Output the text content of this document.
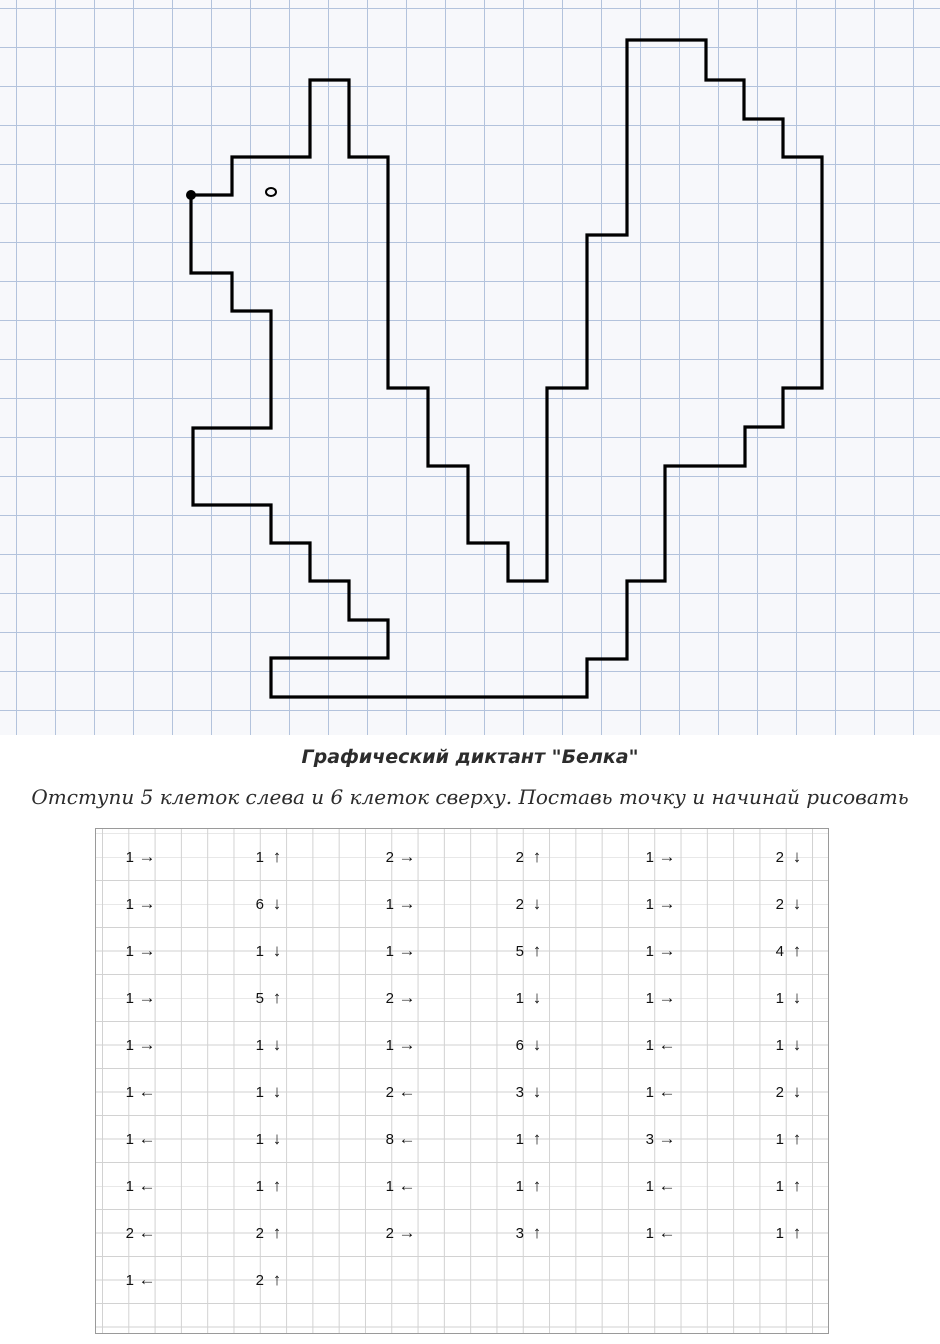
Графический диктант "Белка"
Отступи 5 клеток слева и 6 клеток сверху. Поставь точку и начинай рисовать
1 →
1 →
1 →
1 →
1 →
1 ←
1 ←
1 ←
2 ←
1 ←
1 ↑
6 ↓
1 ↓
5 ↑
1 ↓
1 ↓
1 ↓
1 ↑
2 ↑
2 ↑
2 →
1 →
1 →
2 →
1 →
2 ←
8 ←
1 ←
2 →
2 ↑
2 ↓
5 ↑
1 ↓
6 ↓
3 ↓
1 ↑
1 ↑
3 ↑
1 →
1 →
1 →
1 →
1 ←
1 ←
3 →
1 ←
1 ←
2 ↓
2 ↓
4 ↑
1 ↓
1 ↓
2 ↓
1 ↑
1 ↑
1 ↑
